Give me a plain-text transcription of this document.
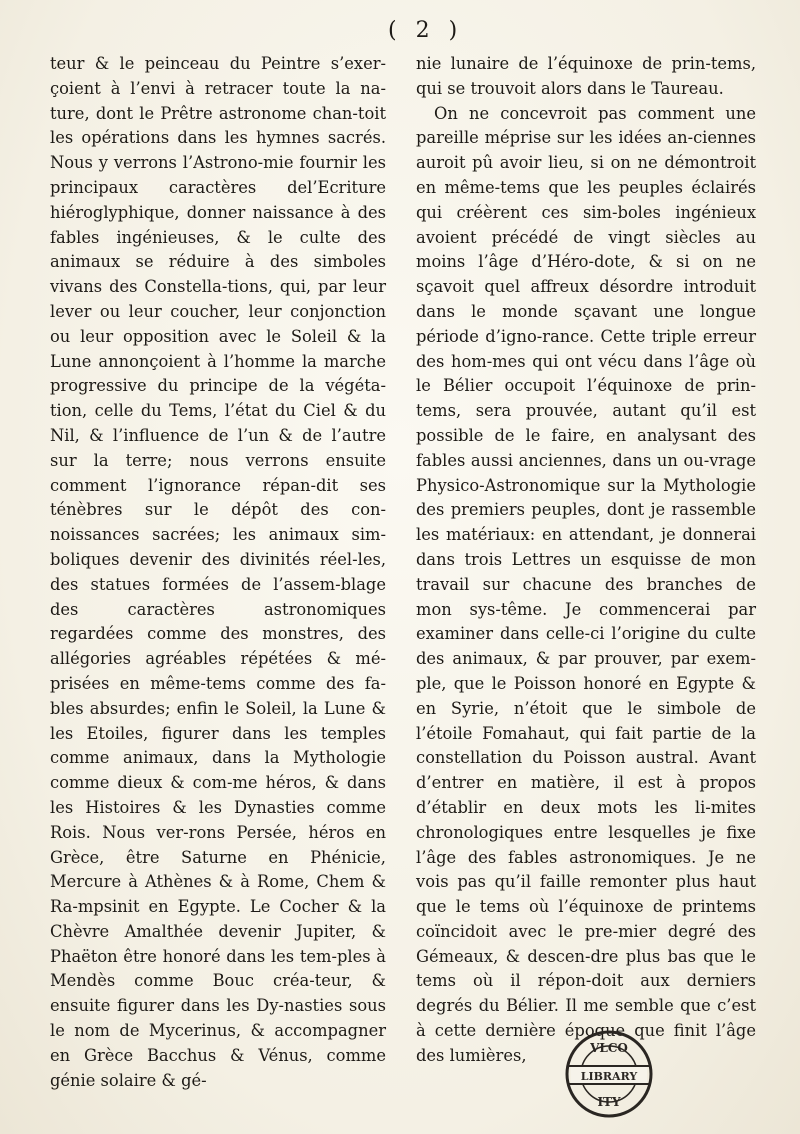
( 2 )

teur & le peinceau du Peintre s’exer-çoient à l’envi à retracer toute la na-ture, dont le Prêtre astronome chan-toit les opérations dans les hymnes sacrés. Nous y verrons l’Astrono-mie fournir les principaux caractères del’Ecriture hiéroglyphique, donner naissance à des fables ingénieuses, & le culte des animaux se réduire à des simboles vivans des Constella-tions, qui, par leur lever ou leur coucher, leur conjonction ou leur opposition avec le Soleil & la Lune annonçoient à l’homme la marche progressive du principe de la végéta-tion, celle du Tems, l’état du Ciel & du Nil, & l’influence de l’un & de l’autre sur la terre; nous verrons ensuite comment l’ignorance répan-dit ses ténèbres sur le dépôt des con-noissances sacrées; les animaux sim-boliques devenir des divinités réel-les, des statues formées de l’assem-blage des caractères astronomiques regardées comme des monstres, des allégories agréables répétées & mé-prisées en même-tems comme des fa-bles absurdes; enfin le Soleil, la Lune & les Etoiles, figurer dans les temples comme animaux, dans la Mythologie comme dieux & com-me héros, & dans les Histoires & les Dynasties comme Rois. Nous ver-rons Persée, héros en Grèce, être Saturne en Phénicie, Mercure à Athènes & à Rome, Chem & Ra-mpsinit en Egypte. Le Cocher & la Chèvre Amalthée devenir Jupiter, & Phaëton être honoré dans les tem-ples à Mendès comme Bouc créa-teur, & ensuite figurer dans les Dy-nasties sous le nom de Mycerinus, & accompagner en Grèce Bacchus & Vénus, comme génie solaire & gé-

nie lunaire de l’équinoxe de prin-tems, qui se trouvoit alors dans le Taureau.

On ne concevroit pas comment une pareille méprise sur les idées an-ciennes auroit pû avoir lieu, si on ne démontroit en même-tems que les peuples éclairés qui créèrent ces sim-boles ingénieux avoient précédé de vingt siècles au moins l’âge d’Héro-dote, & si on ne sçavoit quel affreux désordre introduit dans le monde sçavant une longue période d’igno-rance. Cette triple erreur des hom-mes qui ont vécu dans l’âge où le Bélier occupoit l’équinoxe de prin-tems, sera prouvée, autant qu’il est possible de le faire, en analysant des fables aussi anciennes, dans un ou-vrage Physico-Astronomique sur la Mythologie des premiers peuples, dont je rassemble les matériaux: en attendant, je donnerai dans trois Lettres un esquisse de mon travail sur chacune des branches de mon sys-tême. Je commencerai par examiner dans celle-ci l’origine du culte des animaux, & par prouver, par exem-ple, que le Poisson honoré en Egypte & en Syrie, n’étoit que le simbole de l’étoile Fomahaut, qui fait partie de la constellation du Poisson austral. Avant d’entrer en matière, il est à propos d’établir en deux mots les li-mites chronologiques entre lesquelles je fixe l’âge des fables astronomiques. Je ne vois pas qu’il faille remonter plus haut que le tems où l’équinoxe de printems coïncidoit avec le pre-mier degré des Gémeaux, & descen-dre plus bas que le tems où il répon-doit aux derniers degrés du Bélier. Il me semble que c’est à cette dernière époque que finit l’âge des lumières,	VLCO
LIBRARY
ITY
